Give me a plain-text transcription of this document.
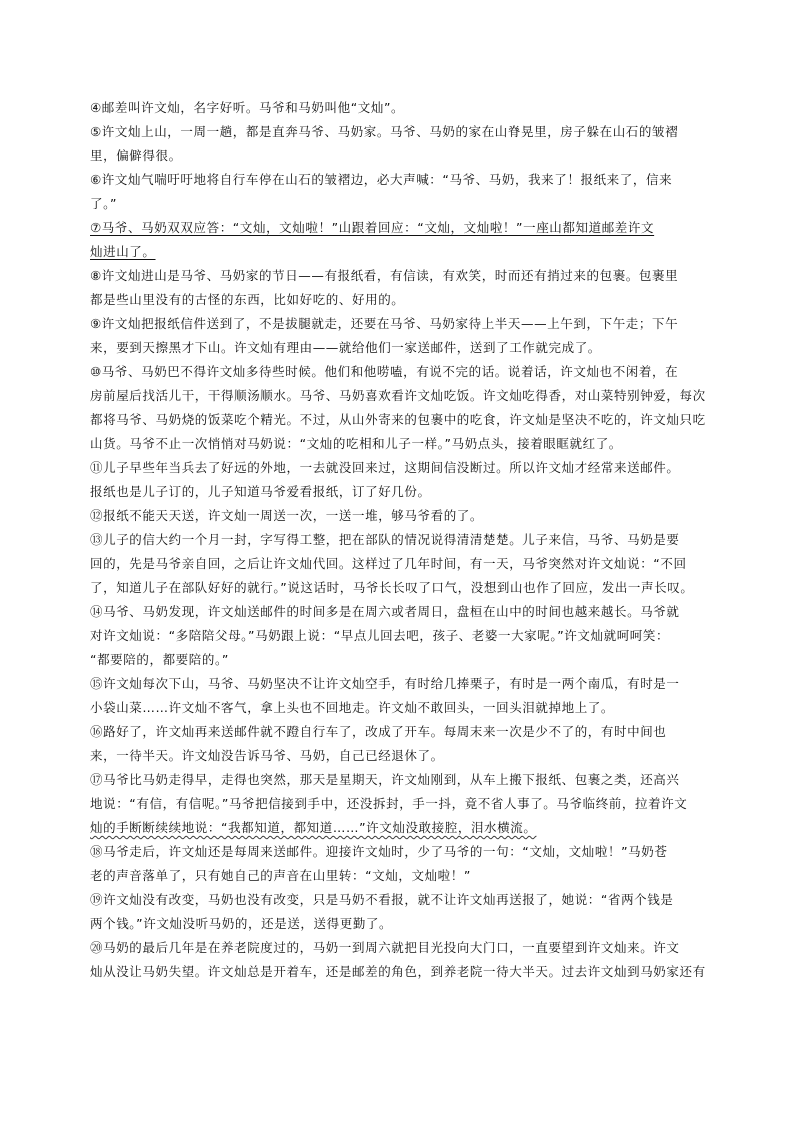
④邮差叫许文灿，名字好听。马爷和马奶叫他“文灿”。

⑤许文灿上山，一周一趟，都是直奔马爷、马奶家。马爷、马奶的家在山脊晃里，房子躲在山石的皱褶
里，偏僻得很。

⑥许文灿气喘吁吁地将自行车停在山石的皱褶边，必大声喊：“马爷、马奶，我来了！报纸来了，信来
了。”

⑦马爷、马奶双双应答：“文灿，文灿啦！”山跟着回应：“文灿，文灿啦！”一座山都知道邮差许文
灿进山了。

⑧许文灿进山是马爷、马奶家的节日——有报纸看，有信读，有欢笑，时而还有捎过来的包裹。包裹里
都是些山里没有的古怪的东西，比如好吃的、好用的。

⑨许文灿把报纸信件送到了，不是拔腿就走，还要在马爷、马奶家待上半天——上午到，下午走；下午
来，要到天擦黑才下山。许文灿有理由——就给他们一家送邮件，送到了工作就完成了。

⑩马爷、马奶巴不得许文灿多待些时候。他们和他唠嗑，有说不完的话。说着话，许文灿也不闲着，在
房前屋后找活儿干，干得顺汤顺水。马爷、马奶喜欢看许文灿吃饭。许文灿吃得香，对山菜特别钟爱，每次
都将马爷、马奶烧的饭菜吃个精光。不过，从山外寄来的包裹中的吃食，许文灿是坚决不吃的，许文灿只吃
山货。马爷不止一次悄悄对马奶说：“文灿的吃相和儿子一样。”马奶点头，接着眼眶就红了。

⑪儿子早些年当兵去了好远的外地，一去就没回来过，这期间信没断过。所以许文灿才经常来送邮件。
报纸也是儿子订的，儿子知道马爷爱看报纸，订了好几份。

⑫报纸不能天天送，许文灿一周送一次，一送一堆，够马爷看的了。

⑬儿子的信大约一个月一封，字写得工整，把在部队的情况说得清清楚楚。儿子来信，马爷、马奶是要
回的，先是马爷亲自回，之后让许文灿代回。这样过了几年时间，有一天，马爷突然对许文灿说：“不回
了，知道儿子在部队好好的就行。”说这话时，马爷长长叹了口气，没想到山也作了回应，发出一声长叹。

⑭马爷、马奶发现，许文灿送邮件的时间多是在周六或者周日，盘桓在山中的时间也越来越长。马爷就
对许文灿说：“多陪陪父母。”马奶跟上说：“早点儿回去吧，孩子、老婆一大家呢。”许文灿就呵呵笑：
“都要陪的，都要陪的。”

⑮许文灿每次下山，马爷、马奶坚决不让许文灿空手，有时给几捧栗子，有时是一两个南瓜，有时是一
小袋山菜……许文灿不客气，拿上头也不回地走。许文灿不敢回头，一回头泪就掉地上了。

⑯路好了，许文灿再来送邮件就不蹬自行车了，改成了开车。每周末来一次是少不了的，有时中间也
来，一待半天。许文灿没告诉马爷、马奶，自己已经退休了。

⑰马爷比马奶走得早，走得也突然，那天是星期天，许文灿刚到，从车上搬下报纸、包裹之类，还高兴
地说：“有信，有信呢。”马爷把信接到手中，还没拆封，手一抖，竟不省人事了。马爷临终前，拉着许文
灿的手断断续续地说：“我都知道，都知道……”许文灿没敢接腔，泪水横流。

⑱马爷走后，许文灿还是每周来送邮件。迎接许文灿时，少了马爷的一句：“文灿，文灿啦！”马奶苍
老的声音落单了，只有她自己的声音在山里转：“文灿，文灿啦！”

⑲许文灿没有改变，马奶也没有改变，只是马奶不看报，就不让许文灿再送报了，她说：“省两个钱是
两个钱。”许文灿没听马奶的，还是送，送得更勤了。

⑳马奶的最后几年是在养老院度过的，马奶一到周六就把目光投向大门口，一直要望到许文灿来。许文
灿从没让马奶失望。许文灿总是开着车，还是邮差的角色，到养老院一待大半天。过去许文灿到马奶家还有
